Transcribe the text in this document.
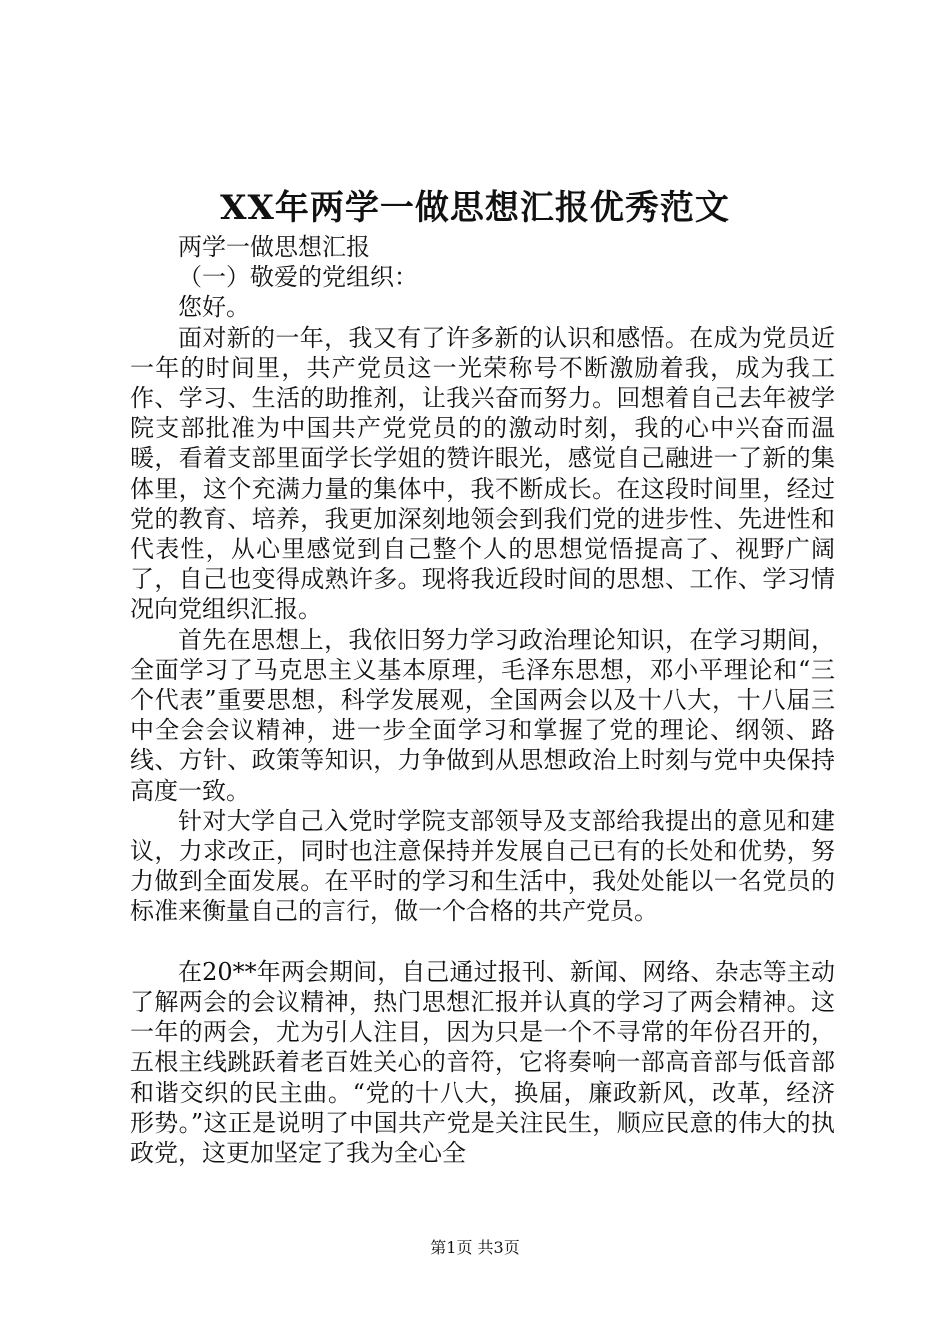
XX年两学一做思想汇报优秀范文

两学一做思想汇报

（一）敬爱的党组织：

您好。

面对新的一年，我又有了许多新的认识和感悟。在成为党员近一年的时间里，共产党员这一光荣称号不断激励着我，成为我工作、学习、生活的助推剂，让我兴奋而努力。回想着自己去年被学院支部批准为中国共产党党员的的激动时刻，我的心中兴奋而温暖，看着支部里面学长学姐的赞许眼光，感觉自己融进一了新的集体里，这个充满力量的集体中，我不断成长。在这段时间里，经过党的教育、培养，我更加深刻地领会到我们党的进步性、先进性和代表性，从心里感觉到自己整个人的思想觉悟提高了、视野广阔了，自己也变得成熟许多。现将我近段时间的思想、工作、学习情况向党组织汇报。

首先在思想上，我依旧努力学习政治理论知识，在学习期间，全面学习了马克思主义基本原理，毛泽东思想，邓小平理论和“三个代表”重要思想，科学发展观，全国两会以及十八大，十八届三中全会会议精神，进一步全面学习和掌握了党的理论、纲领、路线、方针、政策等知识，力争做到从思想政治上时刻与党中央保持高度一致。

针对大学自己入党时学院支部领导及支部给我提出的意见和建议，力求改正，同时也注意保持并发展自己已有的长处和优势，努力做到全面发展。在平时的学习和生活中，我处处能以一名党员的标准来衡量自己的言行，做一个合格的共产党员。

在20**年两会期间，自己通过报刊、新闻、网络、杂志等主动了解两会的会议精神，热门思想汇报并认真的学习了两会精神。这一年的两会，尤为引人注目，因为只是一个不寻常的年份召开的，五根主线跳跃着老百姓关心的音符，它将奏响一部高音部与低音部和谐交织的民主曲。“党的十八大，换届，廉政新风，改革，经济形势。”这正是说明了中国共产党是关注民生，顺应民意的伟大的执政党，这更加坚定了我为全心全

第1页 共3页
